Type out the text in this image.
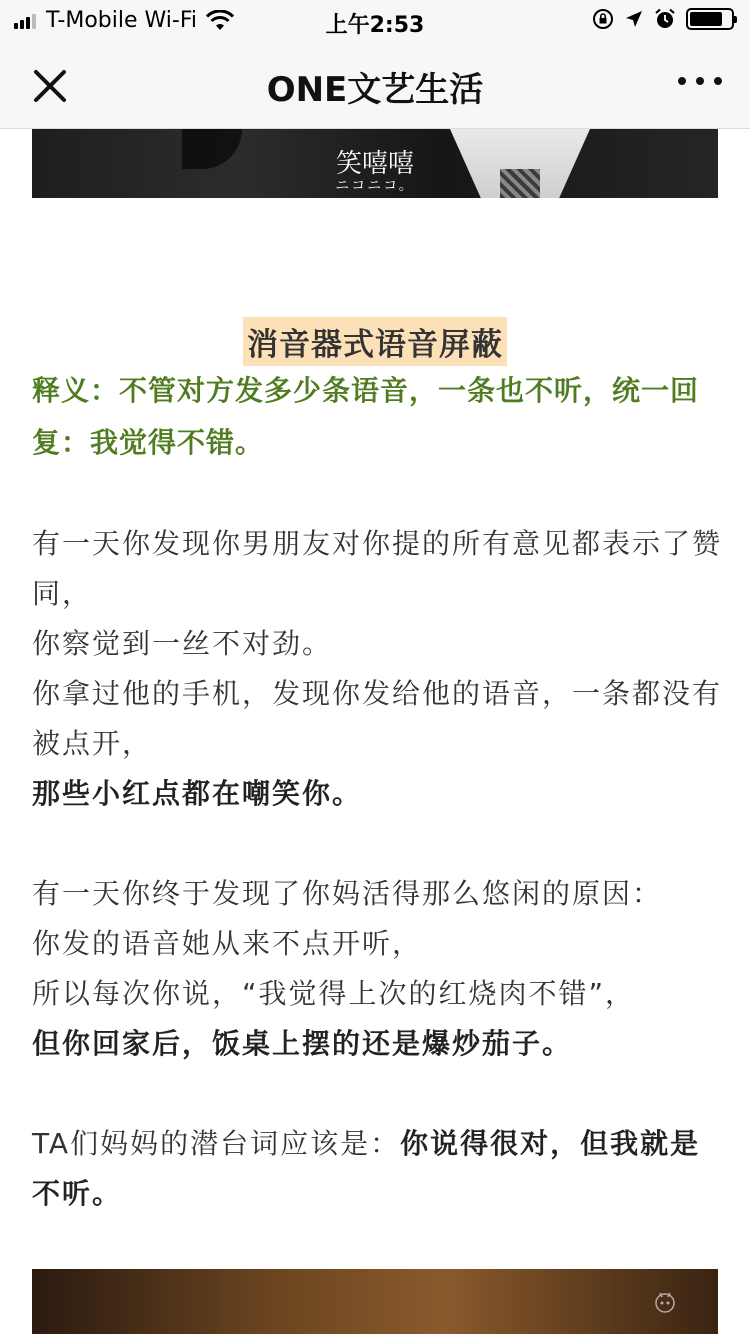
T-Mobile Wi-Fi	上午2:53
ONE文艺生活
笑嘻嘻
ニコニコ。
消音器式语音屏蔽
释义：不管对方发多少条语音，一条也不听，统一回复：我觉得不错。

有一天你发现你男朋友对你提的所有意见都表示了赞同，

你察觉到一丝不对劲。

你拿过他的手机，发现你发给他的语音，一条都没有被点开，

那些小红点都在嘲笑你。

有一天你终于发现了你妈活得那么悠闲的原因：

你发的语音她从来不点开听，

所以每次你说，“我觉得上次的红烧肉不错”，

但你回家后，饭桌上摆的还是爆炒茄子。

TA们妈妈的潜台词应该是：你说得很对，但我就是不听。
